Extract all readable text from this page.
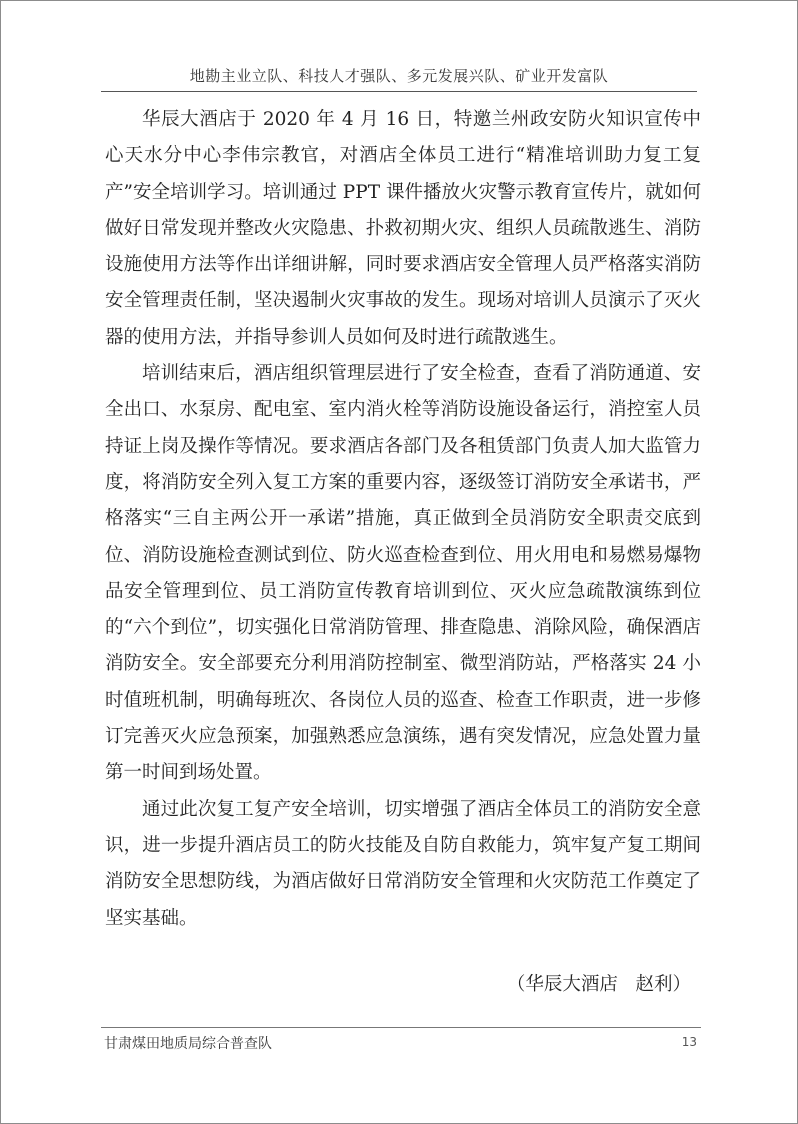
地勘主业立队、科技人才强队、多元发展兴队、矿业开发富队

华辰大酒店于 2020 年 4 月 16 日，特邀兰州政安防火知识宣传中心天水分中心李伟宗教官，对酒店全体员工进行“精准培训助力复工复产”安全培训学习。培训通过 PPT 课件播放火灾警示教育宣传片，就如何做好日常发现并整改火灾隐患、扑救初期火灾、组织人员疏散逃生、消防设施使用方法等作出详细讲解，同时要求酒店安全管理人员严格落实消防安全管理责任制，坚决遏制火灾事故的发生。现场对培训人员演示了灭火器的使用方法，并指导参训人员如何及时进行疏散逃生。

培训结束后，酒店组织管理层进行了安全检查，查看了消防通道、安全出口、水泵房、配电室、室内消火栓等消防设施设备运行，消控室人员持证上岗及操作等情况。要求酒店各部门及各租赁部门负责人加大监管力度，将消防安全列入复工方案的重要内容，逐级签订消防安全承诺书，严格落实“三自主两公开一承诺”措施，真正做到全员消防安全职责交底到位、消防设施检查测试到位、防火巡查检查到位、用火用电和易燃易爆物品安全管理到位、员工消防宣传教育培训到位、灭火应急疏散演练到位的“六个到位”，切实强化日常消防管理、排查隐患、消除风险，确保酒店消防安全。安全部要充分利用消防控制室、微型消防站，严格落实 24 小时值班机制，明确每班次、各岗位人员的巡查、检查工作职责，进一步修订完善灭火应急预案，加强熟悉应急演练，遇有突发情况，应急处置力量第一时间到场处置。

通过此次复工复产安全培训，切实增强了酒店全体员工的消防安全意识，进一步提升酒店员工的防火技能及自防自救能力，筑牢复产复工期间消防安全思想防线，为酒店做好日常消防安全管理和火灾防范工作奠定了坚实基础。

（华辰大酒店   赵利）
甘肃煤田地质局综合普查队	13
